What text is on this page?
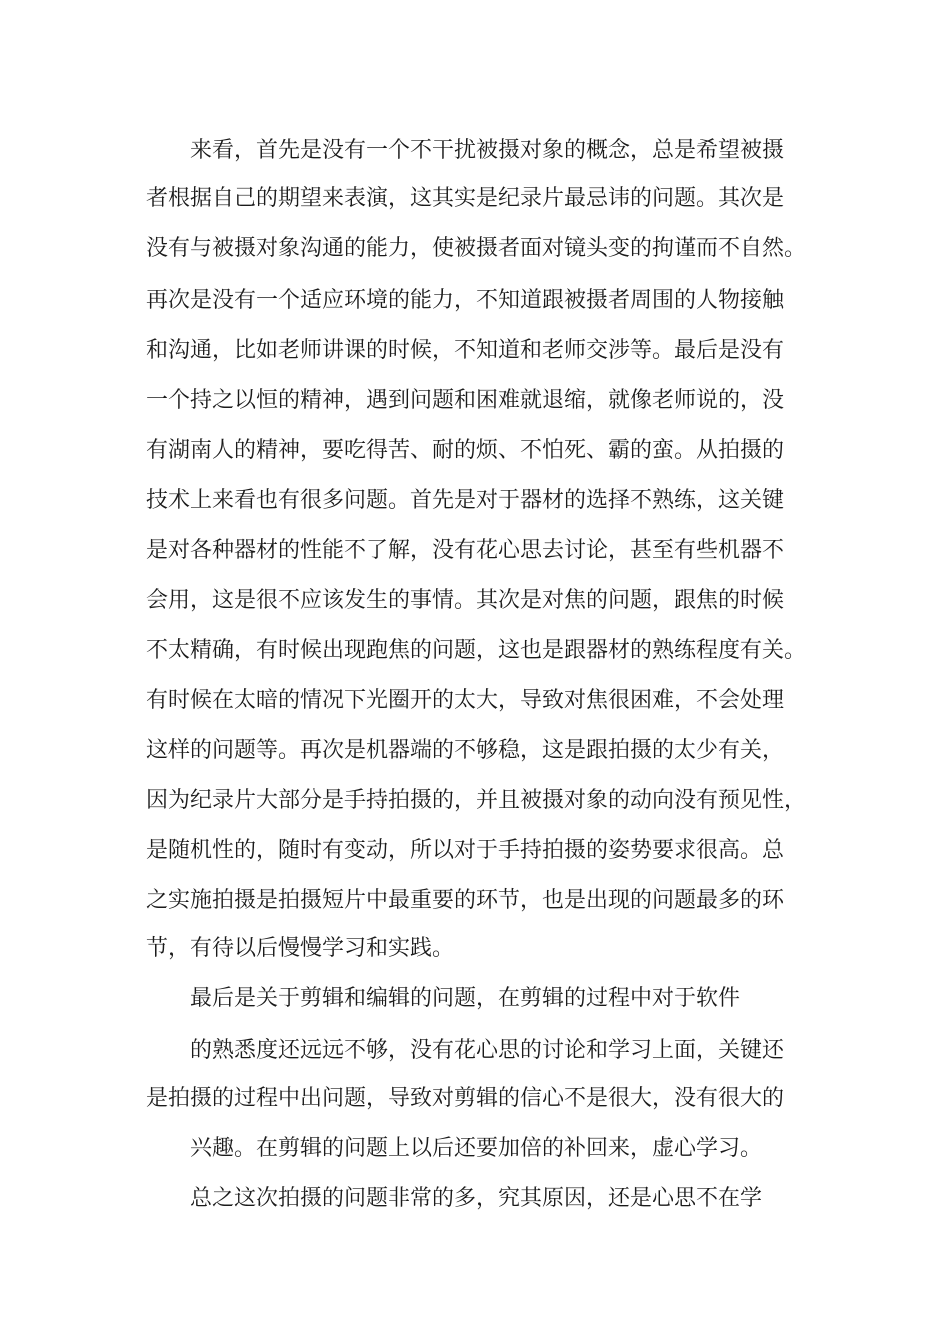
来看，首先是没有一个不干扰被摄对象的概念，总是希望被摄
者根据自己的期望来表演，这其实是纪录片最忌讳的问题。其次是
没有与被摄对象沟通的能力，使被摄者面对镜头变的拘谨而不自然。
再次是没有一个适应环境的能力，不知道跟被摄者周围的人物接触
和沟通，比如老师讲课的时候，不知道和老师交涉等。最后是没有
一个持之以恒的精神，遇到问题和困难就退缩，就像老师说的，没
有湖南人的精神，要吃得苦、耐的烦、不怕死、霸的蛮。从拍摄的
技术上来看也有很多问题。首先是对于器材的选择不熟练，这关键
是对各种器材的性能不了解，没有花心思去讨论，甚至有些机器不
会用，这是很不应该发生的事情。其次是对焦的问题，跟焦的时候
不太精确，有时候出现跑焦的问题，这也是跟器材的熟练程度有关。
有时候在太暗的情况下光圈开的太大，导致对焦很困难，不会处理
这样的问题等。再次是机器端的不够稳，这是跟拍摄的太少有关，
因为纪录片大部分是手持拍摄的，并且被摄对象的动向没有预见性，
是随机性的，随时有变动，所以对于手持拍摄的姿势要求很高。总
之实施拍摄是拍摄短片中最重要的环节，也是出现的问题最多的环
节，有待以后慢慢学习和实践。
最后是关于剪辑和编辑的问题，在剪辑的过程中对于软件
的熟悉度还远远不够，没有花心思的讨论和学习上面，关键还
是拍摄的过程中出问题，导致对剪辑的信心不是很大，没有很大的
兴趣。在剪辑的问题上以后还要加倍的补回来，虚心学习。
总之这次拍摄的问题非常的多，究其原因，还是心思不在学
